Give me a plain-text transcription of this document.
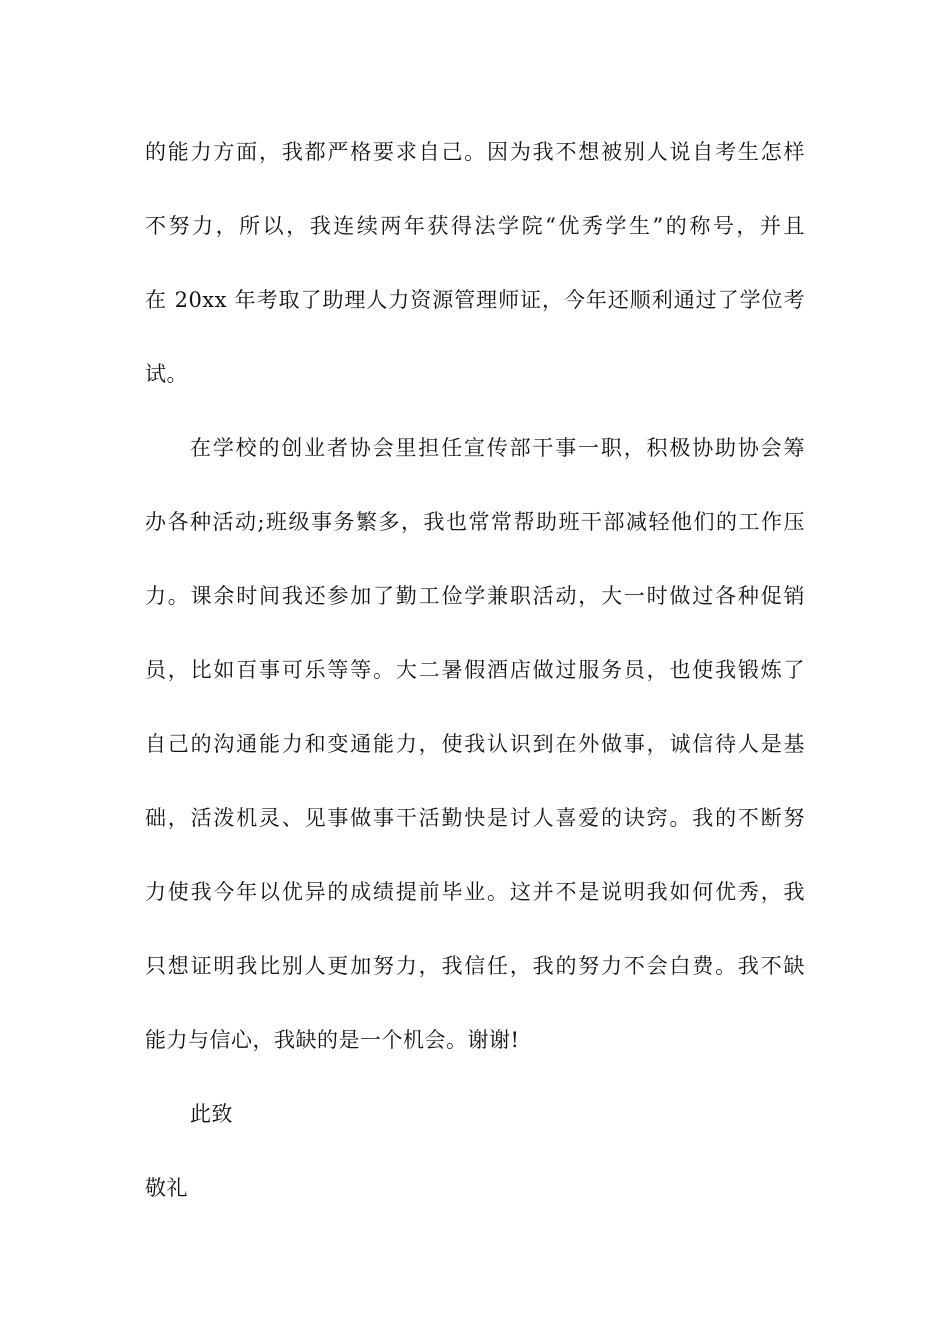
的能力方面，我都严格要求自己。因为我不想被别人说自考生怎样
不努力，所以，我连续两年获得法学院“优秀学生”的称号，并且
在 20xx 年考取了助理人力资源管理师证，今年还顺利通过了学位考
试。
在学校的创业者协会里担任宣传部干事一职，积极协助协会筹
办各种活动;班级事务繁多，我也常常帮助班干部减轻他们的工作压
力。课余时间我还参加了勤工俭学兼职活动，大一时做过各种促销
员，比如百事可乐等等。大二暑假酒店做过服务员，也使我锻炼了
自己的沟通能力和变通能力，使我认识到在外做事，诚信待人是基
础，活泼机灵、见事做事干活勤快是讨人喜爱的诀窍。我的不断努
力使我今年以优异的成绩提前毕业。这并不是说明我如何优秀，我
只想证明我比别人更加努力，我信任，我的努力不会白费。我不缺
能力与信心，我缺的是一个机会。谢谢!
此致
敬礼
